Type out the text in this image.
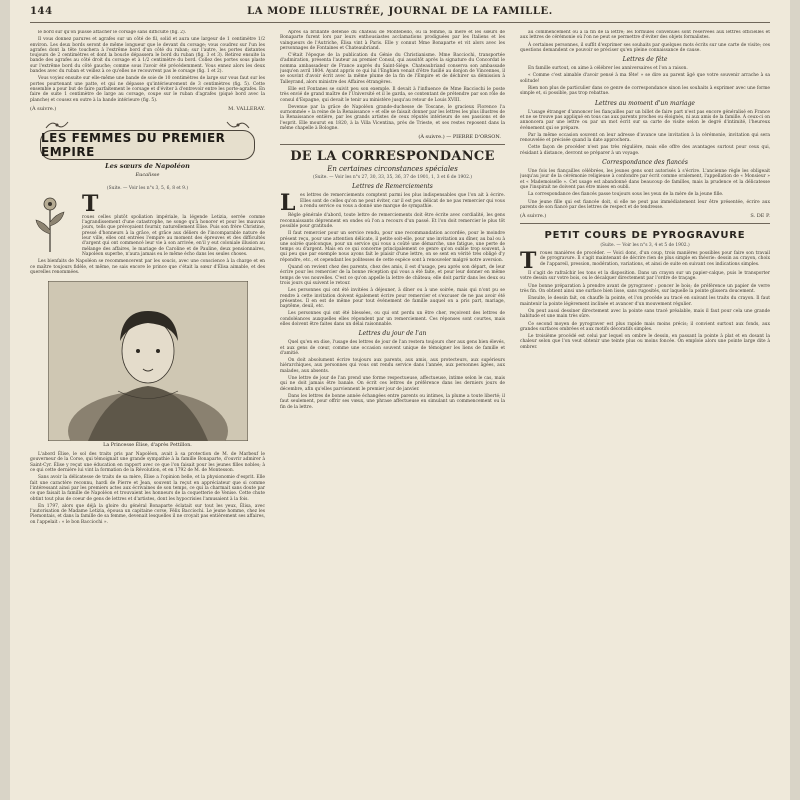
144	LA MODE ILLUSTRÉE, JOURNAL DE LA FAMILLE.

le bord sur qu'on puisse attacher le corsage sans difficulté (fig. 2).

Il vous donnez parures et agrafes sur un côté de fil, solid et aura une largeur de 1 centimètre 1/2 environ. Les deux bords seront de même longueur que le devant du corsage; vous coudrez sur l'un les agrafes dont la tête touchera à l'extrême bord d'un côté du ruban; sur l'autre, les portes distantes toujours de 2 centimètres et dont la boucle dépassera le bord du ruban (fig. 3 et 3). Retirez ensuite la bande des agrafes au côté droit du corsage et à 1/2 centimètre du bord. Collez des portes sous plaste sur l'extrême bord du côté gauche; comme sous l'avoir été précédemment. Vous ennez alors les deux bandes avec du ruban et veillez à ce qu'elles ne recouvrent pas le corsage (fig. 1 et 2).

Vous voyiez ensuite sur elle-même une bande de soie de 10 centimètres de large sur vous faut sur les portes pourtenant une patte, et qui ne dépasse qu'intérieurement de 3 centimètres (fig. 5). Cette ensemble a pour but de faire parfaitement le corsage et d'éviter à d'entrevoir entre les porte-agrafes. En faire de suite 1 centimètre de large au corsage, coupe sur le ruban d'agrafes (piqué bord avec la planche) et cousez en outre à la bande intérieure (fig. 5).

(À suivre.)	M. VALLERAY.
LES FEMMES DU PREMIER EMPIRE
Les sœurs de Napoléon
Eucalisse
(Suite. — Voir les n°s 3, 5, 6, 8 et 9.)
T

roues celles plutôt spoliation impériale, la légende Letizia, serrée comme l'agrandissement d'une catastrophe, ne songe qu'à honorer et pour les mauvais jours, tells que prévoyaient fournir, naturellement Élise. Puis son frère Christine, pressé d'honneurs à la grâce, et grâce aux déliers de l'incomparable nature de leur ville, elles ont entrées l'empire au moment des épreuves et des difficultés d'argent qui ont commencé leur vie à son arrivée, en'il y eut coloniale illusion au mélange des affaires, le mariage de Caroline et de Pauline, deux pensionnaires, Napoléon superbe, n'aura jamais eu le même écho dans les seules choses.

Les bienfaits de Napoléon se recommencerent par les soucis, avec une conscience à la charge et en ce maître toujours fidèle, et même, ne sais encore le prince que c'était la sœur d'Élisa aimable, et des querelles renommées.

La Princesse Élise, d'après Pettillon.

L'abord Élise, le sol des traits pris par Napoléon, avait à sa protection de M. de Marbeuf le gouverneur de la Corse, qui témoignait une grande sympathie à la famille Bonaparte, d'ouvrir admirer à Saint-Cyr. Élise y reçut une éducation en rapport avec ce que l'on faisait pour les jeunes filles nobles; à ce qui cette dernière lui vint la formation de la Révolution, et en 1792 de M. de Montesson.

Sans avoir la délicatesse de traits de sa mère, Élise a l'opinion belle, et la physionomie d'esprit. Elle fait une caractère reconnu, hardi de Pierre et Jean, souvent la reçut en appréciateur que si comme l'intéressant ainsi par les premiers actes aux écrivaines de son temps, ce qui la charmait sans doute par ce que faisait la famille de Napoléon et trouvaient les honneurs de la coquetterie de Venise. Cette chute obtint tout plus de coeur de gens de lettres et d'artistes, dont les hypocrisies l'amusaient à la fois.

En 1797, alors que déjà la gloire du général Bonaparte éclatait sur tout les yeux, Élisa, avec l'autorisation de Madame Letizia, épousa un capitaine corse, Félix Bacciochi. Le jeune homme, chez les Piemontais, et dans la famille de sa femme, devenait lesquelles il ne croyait pas entièrement ses affaires, on l'appelait : « le bon Bacciochi ».

Après sa brillante défense du château de Montebello, où la femme, la mère et les sœurs de Bonaparte furent lors par leurs enthousiastes acclamations prodiguées par les Italiens et les vainqueurs de l'Autriche, Élisa vint à Paris. Elle y connut Mme Bonaparte et vit alors avec les personnages de Fontaines et Chateaubriand.

C'était l'époque de la publication du Génie du Christianisme. Mme Bacciochi, transportée d'admiration, présenta l'auteur au premier Consul, qui aussitôt après la signature du Concordat le nomma ambassadeur de France auprès du Saint-Siège. Chateaubriand conserva son ambassade jusqu'en avril 1804. Ayant appris ce qui lui l'Enghien venait d'être fusillé au donjon de Vincennes, il se souvint d'avoir écrit avec la même plume de la fin de l'Empire et de déchirer sa démission à Talleyrand, alors ministre des Affaires étrangères.

Elle est Fontanes se suivit peu son exemple. Il devait à l'influence de Mme Bacciochi le poste très envié de grand maître de l'Université et il le garda, se contentant de prétendre par son rôle de consul d'Espagne, qui devait le tenir au ministère jusqu'au retour de Louis XVIII.

Devenue par la grâce de Napoléon grande-duchesse de Toscane, le gracieux Florence l'a surnommée « la reine de la Renaissance » et elle se faisait donner par les lettres les plus illustres de la Renaissance entière, par les grands artistes de ceux réputés intérieurs de ses passions et de l'esprit. Elle mourut en 1820, à la Villa Vicentina, près de Trieste, et ses restes reposent dans la même chapelle à Bologne.

(À suivre.) — PIERRE D'ORSON.
DE LA CORRESPONDANCE
En certaines circonstances spéciales
(Suite. — Voir les n°s 27, 30, 33, 35, 36, 37 de 1901, 1, 3 et 6 de 1902.)
Lettres de Remerciements
L	es lettres de remerciements comptent parmi les plus indispensables que l'on ait à écrire. Elles sont de celles qu'on ne peut éviter, car il est peu délicat de ne pas remercier qui vous a rendu service ou vous a donné une marque de sympathie.

Règle générale d'abord, toute lettre de remerciements doit être écrite avec cordialité, les gens reconnaissants déprennent en ondes où l'on a recours d'un passé. Et l'on doit remercier le plus tôt possible pour gratitude.

Il faut remercier pour un service rendu, pour une recommandation accordée, pour le moindre présent reçu, pour une attention délicate, il petite soit-elle, pour une invitation au dîner, au bal ou à une soirée quelconque, pour un service qui vous a coûté une démarche, une fatigue, une perte de temps ou d'argent. Mais en ce qui concerne principalement ce genre qu'on oublie trop souvent, à qui peu que par exemple nous ayons fait le plaisir d'une lettre, on se sent en vérité très obligé d'y répondre, etc., et cependant les politesses de cette espèce sont à renouveler malgré notre aversion.

Quand on revient chez des parents, chez des amis, il est d'usage, peu après son départ, de leur écrire pour les remercier de la bonne réception qui vous a été faite, et pour leur donner en même temps de vos nouvelles. C'est ce qu'on appelle la lettre de château; elle doit partir dans les deux ou trois jours qui suivent le retour.

Les personnes qui ont été invitées à déjeuner, à dîner ou à une soirée, mais qui n'ont pu se rendre à cette invitation doivent également écrire pour remercier et s'excuser de ne pas avoir été présentes. Il en est de même pour tout événement de famille auquel on a pris part, mariage, baptême, deuil, etc.

Les personnes qui ont été blessées, ou qui ont perdu un être cher, reçoivent des lettres de condoléances auxquelles elles répondent par un remerciement. Ces réponses sont courtes, mais elles doivent être faites dans un délai raisonnable.

Lettres du jour de l'an

Quel qu'en en dise, l'usage des lettres de jour de l'an restera toujours cher aux gens bien élevés, et aux gens de cœur, comme une occasion souvent unique de témoigner les liens de famille et d'amitié.

On doit absolument écrire toujours aux parents, aux amis, aux protecteurs, aux supérieurs hiérarchiques, aux personnes qui vous ont rendu service dans l'année, aux personnes âgées, aux malades, aux absents.

Une lettre de jour de l'an prend une forme respectueuse, affectueuse, intime selon le cas, mais qui ne doit jamais être banale. On écrit ces lettres de préférence dans les derniers jours de décembre, afin qu'elles parviennent le premier jour de janvier.

Dans les lettres de bonne année échangées entre parents ou intimes, la plume a toute liberté; il faut seulement, pour offrir ses vœux, une phrase affectueuse en simulant un commencement ou la fin de la lettre.

au commencement ou à la fin de la lettre; les formules convenues sont réservées aux lettres officielles et aux lettres de cérémonie où l'on ne peut se permettre d'éviter des objets formalistes.

À certaines personnes, il suffit d'exprimer ses souhaits par quelques mots écrits sur une carte de visite; ces questions demandent ce pouvoir se préciser qu'en pleine connaissance de cause.

Lettres de fête

En famille surtout, on aime à célébrer les anniversaires et l'on a raison.

« Comme c'est aimable d'avoir pensé à ma fête! » se dire au parent âgé que votre souvenir arrache à sa solitude!

Rien non plus de particulier dans ce genre de correspondance sinon les souhaits à exprimer avec une forme simple et, si possible, pas trop rebattue.

Lettres au moment d'un mariage

L'usage étranger d'annoncer les fiançailles par un billet de faire part n'est pas encore généralisé en France et ne se trouve pas appliqué en tous cas aux parents proches ou éloignés, ni aux amis de la famille. À ceux-ci on annoncera par une lettre ou par un mot écrit sur sa carte de visite selon le degré d'intimité, l'heureux événement qui se prépare.

Par la même occasion souvent on leur adresse d'avance une invitation à la cérémonie, invitation qui sera renouvelée et précisée quand la date approchera.

Cette façon de procéder n'est pas très régulière, mais elle offre des avantages surtout pour ceux qui, résidant à distance, devront se préparer à un voyage.

Correspondance des fiancés

Une fois les fiançailles célébrées, les jeunes gens sont autorisés à s'écrire. L'ancienne règle les obligeait jusqu'au jour de la cérémonie religieuse à confondre par écrit comme oralement, l'appellation de « Monsieur » et « Mademoiselle ». Cet usage est abandonné dans beaucoup de familles, mais la prudence et la délicatesse que l'inspirait ne doivent pas être mises en oubli.

La correspondance des fiancés passe toujours sous les yeux de la mère de la jeune fille.

Une jeune fille qui est fiancée doit, si elle ne peut pas immédiatement leur être présentée, écrire aux parents de son fiancé par des lettres de respect et de tendresse.

(À suivre.)	S. DE P.
PETIT COURS DE PYROGRAVURE
(Suite. — Voir les n°s 3, 4 et 5 de 1902.)
T roues manières de procéder. — Voici donc, d'un coup, trois manières possibles pour faire son travail de pyrogravure. Il s'agit maintenant de décrire rien de plus simple en théorie: dessin au crayon, choix de l'appareil, pression, modération, variations, et ainsi de suite en suivant ces indications simples.

Il s'agit de rafraîchir les tons et la disposition. Dans un crayon sur un papier-calque, puis le transporter votre dessin sur votre bois, ou le décalquer directement par l'ordre de traçage.

Une bonne préparation à prendre avant de pyrograver : poncer le bois; de préférence un papier de verre très fin. On obtient ainsi une surface bien lisse, sans rugosités, sur laquelle la pointe glissera doucement.

Ensuite, le dessin fait, on chauffe la pointe, et l'on procède au tracé en suivant les traits du crayon. Il faut maintenir la pointe légèrement inclinée et avancer d'un mouvement régulier.

On peut aussi dessiner directement avec la pointe sans tracé préalable, mais il faut pour cela une grande habitude et une main très sûre.

Ce second moyen de pyrograver est plus rapide mais moins précis; il convient surtout aux fonds, aux grandes surfaces ombrées et aux motifs décoratifs simples.

Le troisième procédé est celui par lequel on ombre le dessin, en passant la pointe à plat et en dosant la chaleur selon que l'on veut obtenir une teinte plus ou moins foncée. On emploie alors une pointe large dite à ombrer.
